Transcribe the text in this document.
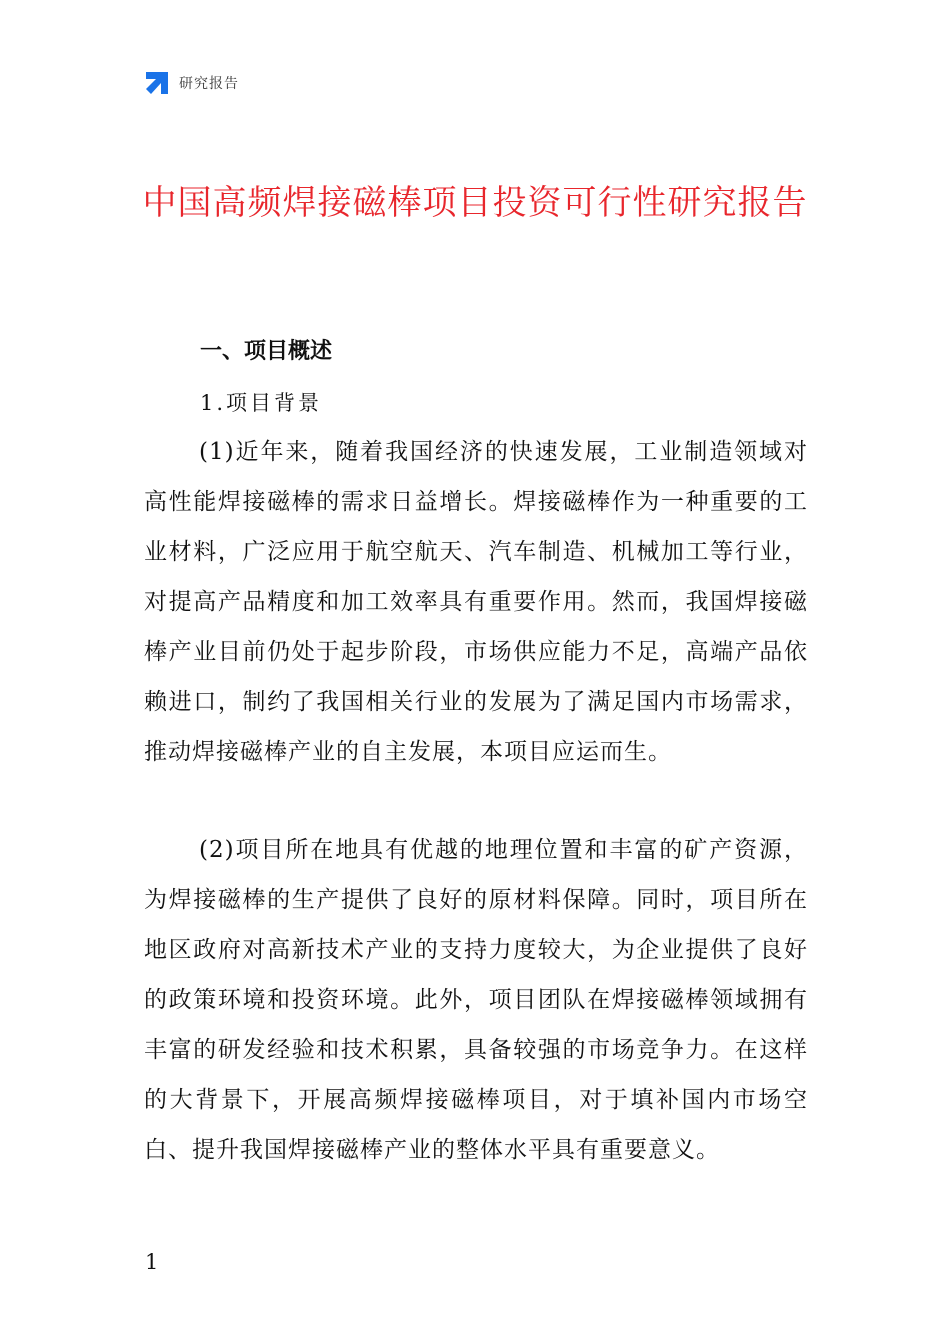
研究报告
中国高频焊接磁棒项目投资可行性研究报告
一、项目概述
1.项目背景

(1)近年来，随着我国经济的快速发展，工业制造领域对高性能焊接磁棒的需求日益增长。焊接磁棒作为一种重要的工业材料，广泛应用于航空航天、汽车制造、机械加工等行业，对提高产品精度和加工效率具有重要作用。然而，我国焊接磁棒产业目前仍处于起步阶段，市场供应能力不足，高端产品依赖进口，制约了我国相关行业的发展为了满足国内市场需求，推动焊接磁棒产业的自主发展，本项目应运而生。

(2)项目所在地具有优越的地理位置和丰富的矿产资源，为焊接磁棒的生产提供了良好的原材料保障。同时，项目所在地区政府对高新技术产业的支持力度较大，为企业提供了良好的政策环境和投资环境。此外，项目团队在焊接磁棒领域拥有丰富的研发经验和技术积累，具备较强的市场竞争力。在这样的大背景下，开展高频焊接磁棒项目，对于填补国内市场空白、提升我国焊接磁棒产业的整体水平具有重要意义。

1
